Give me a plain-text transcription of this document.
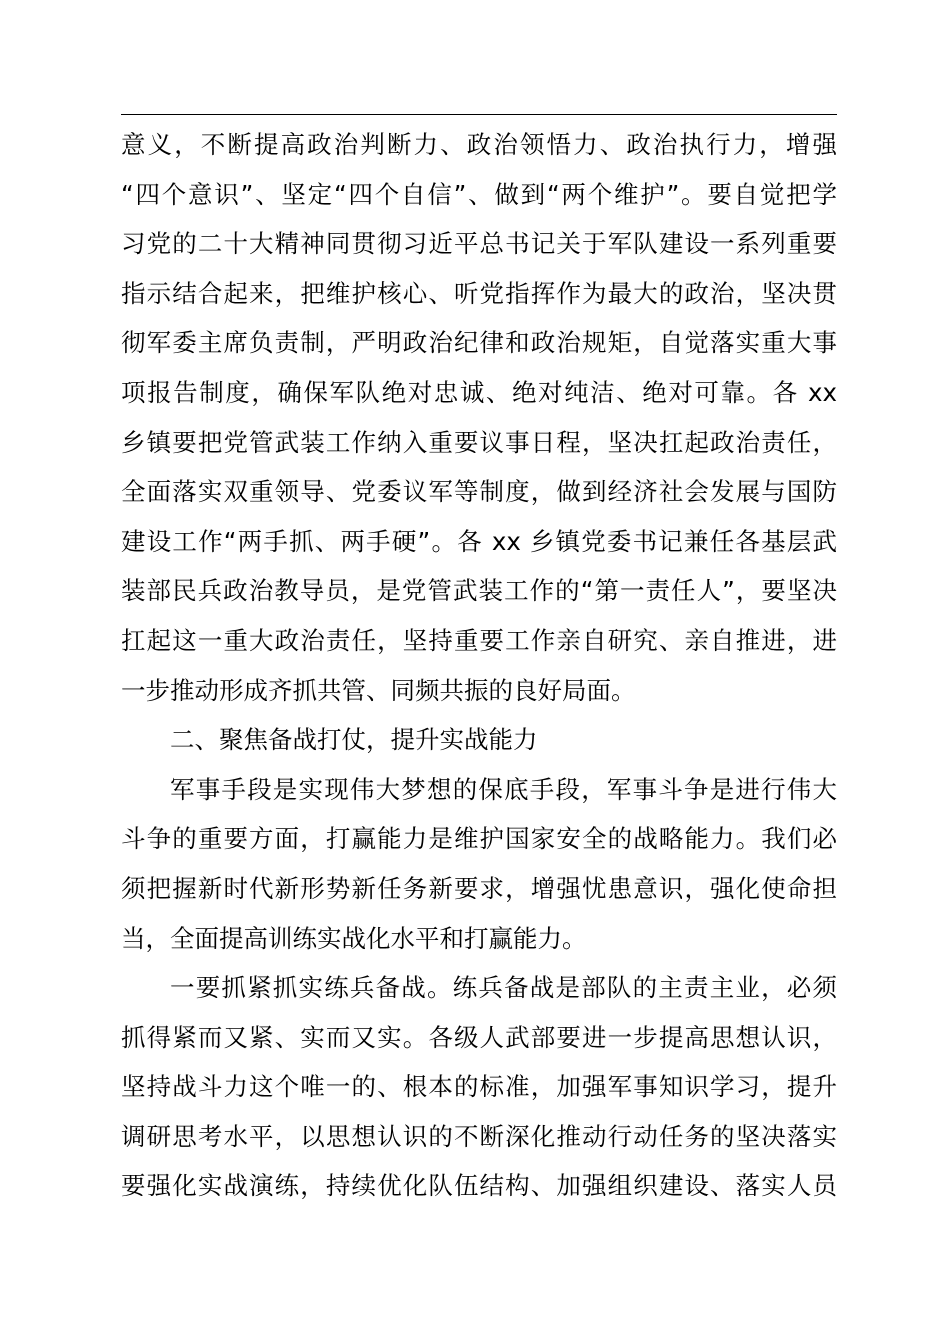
意义，不断提高政治判断力、政治领悟力、政治执行力，增强
“四个意识”、坚定“四个自信”、做到“两个维护”。要自觉把学
习党的二十大精神同贯彻习近平总书记关于军队建设一系列重要
指示结合起来，把维护核心、听党指挥作为最大的政治，坚决贯
彻军委主席负责制，严明政治纪律和政治规矩，自觉落实重大事
项报告制度，确保军队绝对忠诚、绝对纯洁、绝对可靠。各 xx
乡镇要把党管武装工作纳入重要议事日程，坚决扛起政治责任，
全面落实双重领导、党委议军等制度，做到经济社会发展与国防
建设工作“两手抓、两手硬”。各 xx 乡镇党委书记兼任各基层武
装部民兵政治教导员，是党管武装工作的“第一责任人”，要坚决
扛起这一重大政治责任，坚持重要工作亲自研究、亲自推进，进
一步推动形成齐抓共管、同频共振的良好局面。
二、聚焦备战打仗，提升实战能力
军事手段是实现伟大梦想的保底手段，军事斗争是进行伟大
斗争的重要方面，打赢能力是维护国家安全的战略能力。我们必
须把握新时代新形势新任务新要求，增强忧患意识，强化使命担
当，全面提高训练实战化水平和打赢能力。
一要抓紧抓实练兵备战。练兵备战是部队的主责主业，必须
抓得紧而又紧、实而又实。各级人武部要进一步提高思想认识，
坚持战斗力这个唯一的、根本的标准，加强军事知识学习，提升
调研思考水平，以思想认识的不断深化推动行动任务的坚决落实
要强化实战演练，持续优化队伍结构、加强组织建设、落实人员
